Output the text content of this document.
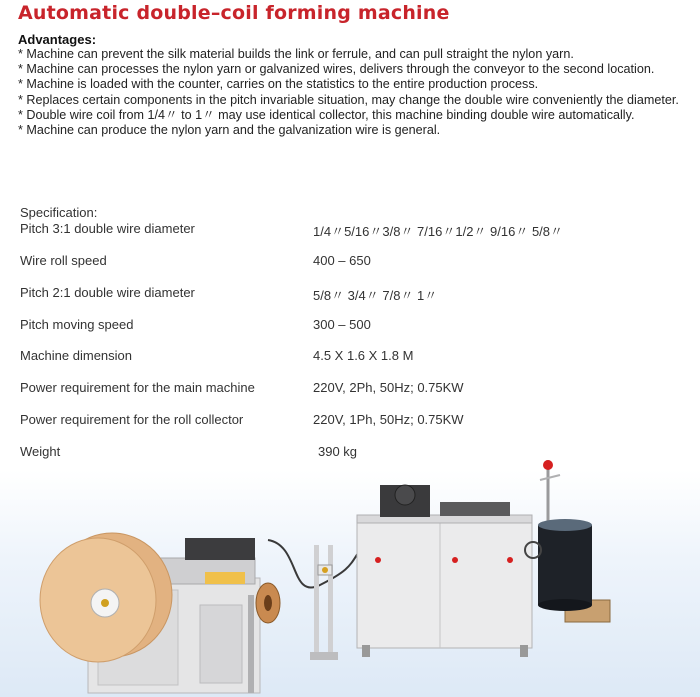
Automatic double–coil forming machine
Advantages:
* Machine can prevent the silk material builds the link or ferrule, and can pull straight the nylon yarn.
* Machine can processes the nylon yarn or galvanized wires, delivers through the conveyor to the second location.
* Machine is loaded with the counter, carries on the statistics to the entire production process.
* Replaces certain components in the pitch invariable situation, may change the double wire conveniently the diameter.
* Double wire coil from 1/4〃 to 1〃 may use identical collector, this machine binding double wire automatically.
* Machine can produce the nylon yarn and the galvanization wire is general.
Specification:
Pitch 3:1 double wire diameter	1/4〃5/16〃3/8〃 7/16〃1/2〃 9/16〃 5/8〃
Wire roll speed	400 – 650
Pitch 2:1 double wire diameter	5/8〃 3/4〃 7/8〃 1〃
Pitch moving speed	300 – 500
Machine dimension	4.5 X 1.6 X 1.8 M
Power requirement for the main machine	220V, 2Ph, 50Hz; 0.75KW
Power requirement for the roll collector	220V, 1Ph, 50Hz; 0.75KW
Weight	390 kg
